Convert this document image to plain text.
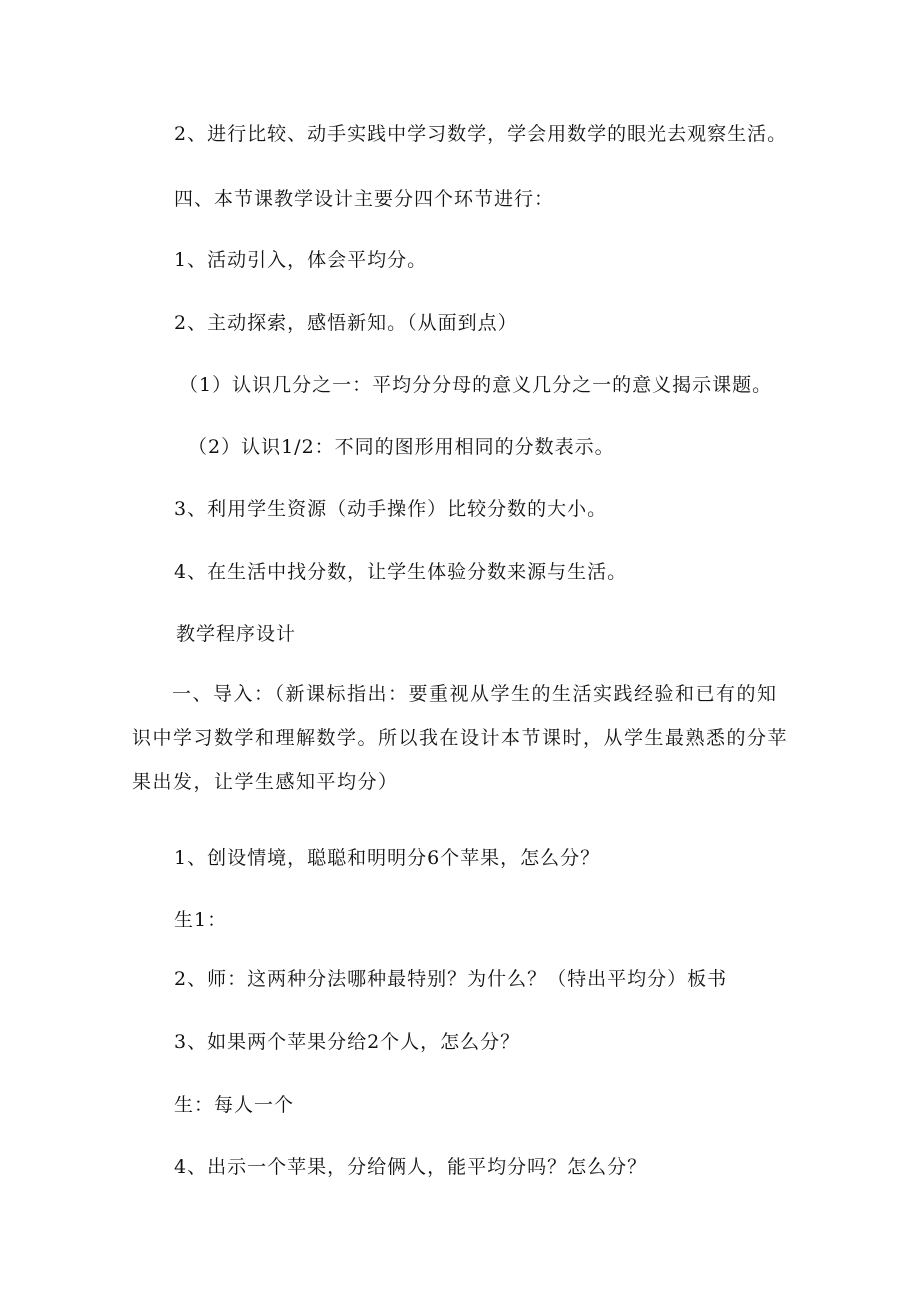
2、进行比较、动手实践中学习数学，学会用数学的眼光去观察生活。
四、本节课教学设计主要分四个环节进行：
1、活动引入，体会平均分。
2、主动探索，感悟新知。（从面到点）
（1）认识几分之一：平均分分母的意义几分之一的意义揭示课题。
（2）认识1/2：不同的图形用相同的分数表示。
3、利用学生资源（动手操作）比较分数的大小。
4、在生活中找分数，让学生体验分数来源与生活。
教学程序设计
一、导入：（新课标指出：要重视从学生的生活实践经验和已有的知识中学习数学和理解数学。所以我在设计本节课时，从学生最熟悉的分苹果出发，让学生感知平均分）
1、创设情境，聪聪和明明分6个苹果，怎么分？
生1：
2、师：这两种分法哪种最特别？为什么？（特出平均分）板书
3、如果两个苹果分给2个人，怎么分？
生：每人一个
4、出示一个苹果，分给俩人，能平均分吗？怎么分？
